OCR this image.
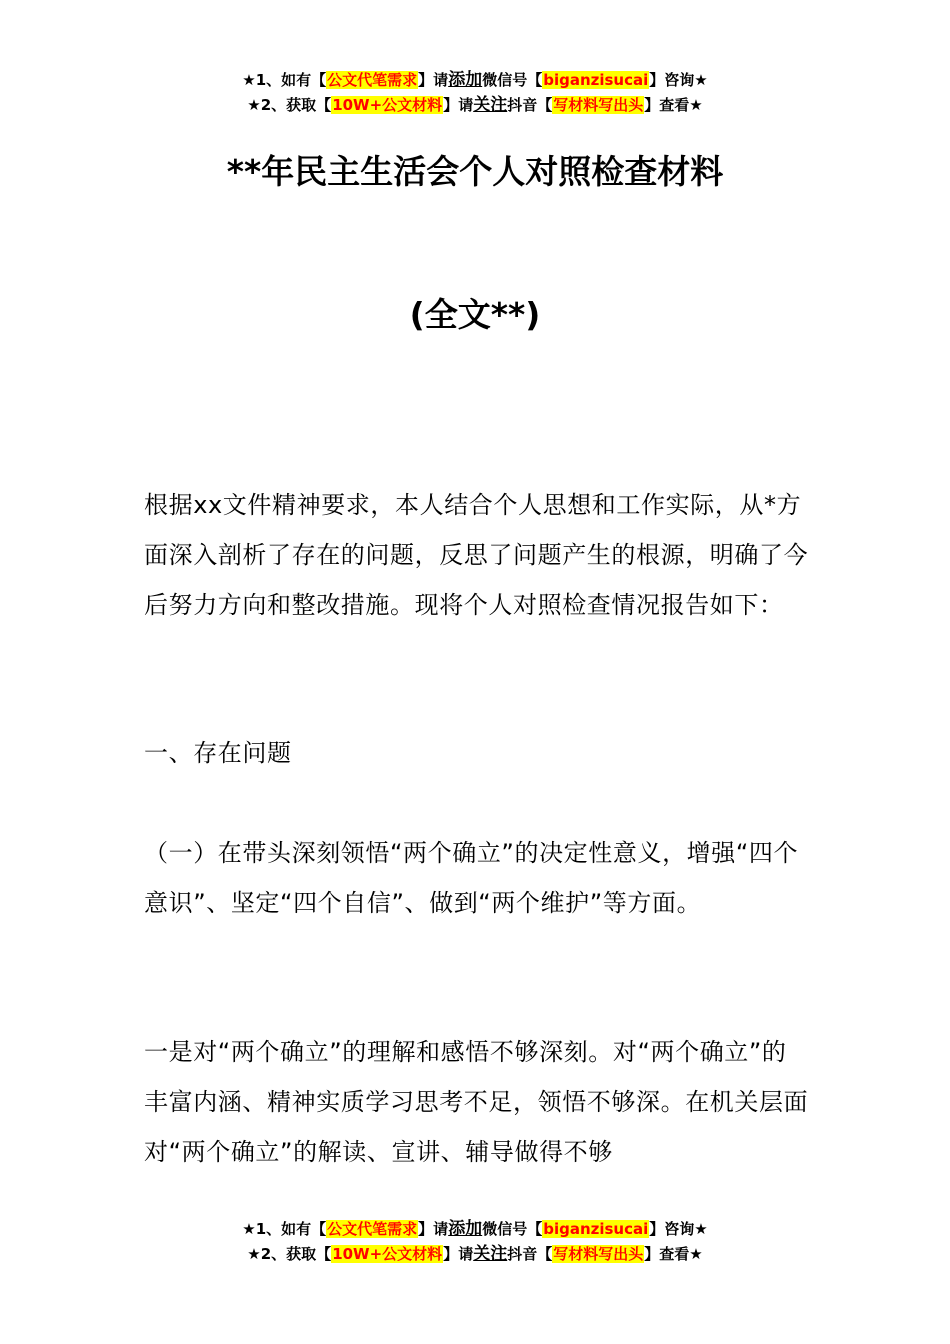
★1、如有【公文代笔需求】请添加微信号【biganzisucai】咨询★
★2、获取【10W+公文材料】请关注抖音【写材料写出头】查看★
**年民主生活会个人对照检查材料
(全文**)

根据xx文件精神要求，本人结合个人思想和工作实际，从*方面深入剖析了存在的问题，反思了问题产生的根源，明确了今后努力方向和整改措施。现将个人对照检查情况报告如下：

一、存在问题

（一）在带头深刻领悟“两个确立”的决定性意义，增强“四个意识”、坚定“四个自信”、做到“两个维护”等方面。

一是对“两个确立”的理解和感悟不够深刻。对“两个确立”的丰富内涵、精神实质学习思考不足，领悟不够深。在机关层面对“两个确立”的解读、宣讲、辅导做得不够

★1、如有【公文代笔需求】请添加微信号【biganzisucai】咨询★
★2、获取【10W+公文材料】请关注抖音【写材料写出头】查看★
